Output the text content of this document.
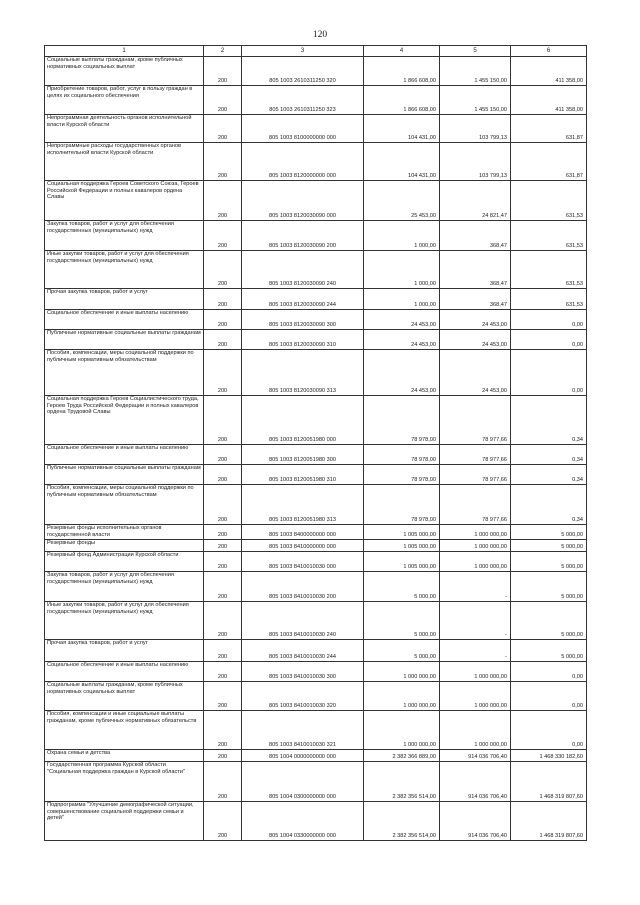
120
1	2	3	4	5	6
Социальные выплаты гражданам, кроме публичных нормативных социальных выплат	200	805 1003 2610311250 320	1 866 608,00	1 455 150,00	411 358,00
Приобретение товаров, работ, услуг в пользу граждан в целях их социального обеспечения	200	805 1003 2610311250 323	1 866 608,00	1 455 150,00	411 358,00
Непрограммная деятельность органов исполнительной власти Курской области	200	805 1003 8100000000 000	104 431,00	103 799,13	631,87
Непрограммные расходы государственных органов исполнительной власти Курской области	200	805 1003 8120000000 000	104 431,00	103 799,13	631,87
Социальная поддержка Героев Советского Союза, Героев Российской Федерации и полных кавалеров ордена Славы	200	805 1003 8120030090 000	25 453,00	24 821,47	631,53
Закупка товаров, работ и услуг для обеспечения государственных (муниципальных) нужд	200	805 1003 8120030090 200	1 000,00	368,47	631,53
Иные закупки товаров, работ и услуг для обеспечения государственных (муниципальных) нужд	200	805 1003 8120030090 240	1 000,00	368,47	631,53
Прочая закупка товаров, работ и услуг	200	805 1003 8120030090 244	1 000,00	368,47	631,53
Социальное обеспечение и иные выплаты населению	200	805 1003 8120030090 300	24 453,00	24 453,00	0,00
Публичные нормативные социальные выплаты гражданам	200	805 1003 8120030090 310	24 453,00	24 453,00	0,00
Пособия, компенсации, меры социальной поддержки по публичным нормативным обязательствам	200	805 1003 8120030090 313	24 453,00	24 453,00	0,00
Социальная поддержка Героев Социалистического труда, Героев Труда Российской Федерации и полных кавалеров ордена Трудовой Славы	200	805 1003 8120051980 000	78 978,00	78 977,66	0,34
Социальное обеспечение и иные выплаты населению	200	805 1003 8120051980 300	78 978,00	78 977,66	0,34
Публичные нормативные социальные выплаты гражданам	200	805 1003 8120051980 310	78 978,00	78 977,66	0,34
Пособия, компенсации, меры социальной поддержки по публичным нормативным обязательствам	200	805 1003 8120051980 313	78 978,00	78 977,66	0,34
Резервные фонды исполнительных органов государственной власти	200	805 1003 8400000000 000	1 005 000,00	1 000 000,00	5 000,00
Резервные фонды	200	805 1003 8410000000 000	1 005 000,00	1 000 000,00	5 000,00
Резервный фонд Администрации Курской области	200	805 1003 8410010030 000	1 005 000,00	1 000 000,00	5 000,00
Закупка товаров, работ и услуг для обеспечения государственных (муниципальных) нужд	200	805 1003 8410010030 200	5 000,00	-	5 000,00
Иные закупки товаров, работ и услуг для обеспечения государственных (муниципальных) нужд	200	805 1003 8410010030 240	5 000,00	-	5 000,00
Прочая закупка товаров, работ и услуг	200	805 1003 8410010030 244	5 000,00	-	5 000,00
Социальное обеспечение и иные выплаты населению	200	805 1003 8410010030 300	1 000 000,00	1 000 000,00	0,00
Социальные выплаты гражданам, кроме публичных нормативных социальных выплат	200	805 1003 8410010030 320	1 000 000,00	1 000 000,00	0,00
Пособия, компенсации и иные социальные выплаты гражданам, кроме публичных нормативных обязательств	200	805 1003 8410010030 321	1 000 000,00	1 000 000,00	0,00
Охрана семьи и детства	200	805 1004 0000000000 000	2 382 366 889,00	914 036 706,40	1 468 330 182,60
Государственная программа Курской области "Социальная поддержка граждан в Курской области"	200	805 1004 0300000000 000	2 382 356 514,00	914 036 706,40	1 468 319 807,60
Подпрограмма "Улучшение демографической ситуации, совершенствование социальной поддержки семьи и детей"	200	805 1004 0330000000 000	2 382 356 514,00	914 036 706,40	1 468 319 807,60
